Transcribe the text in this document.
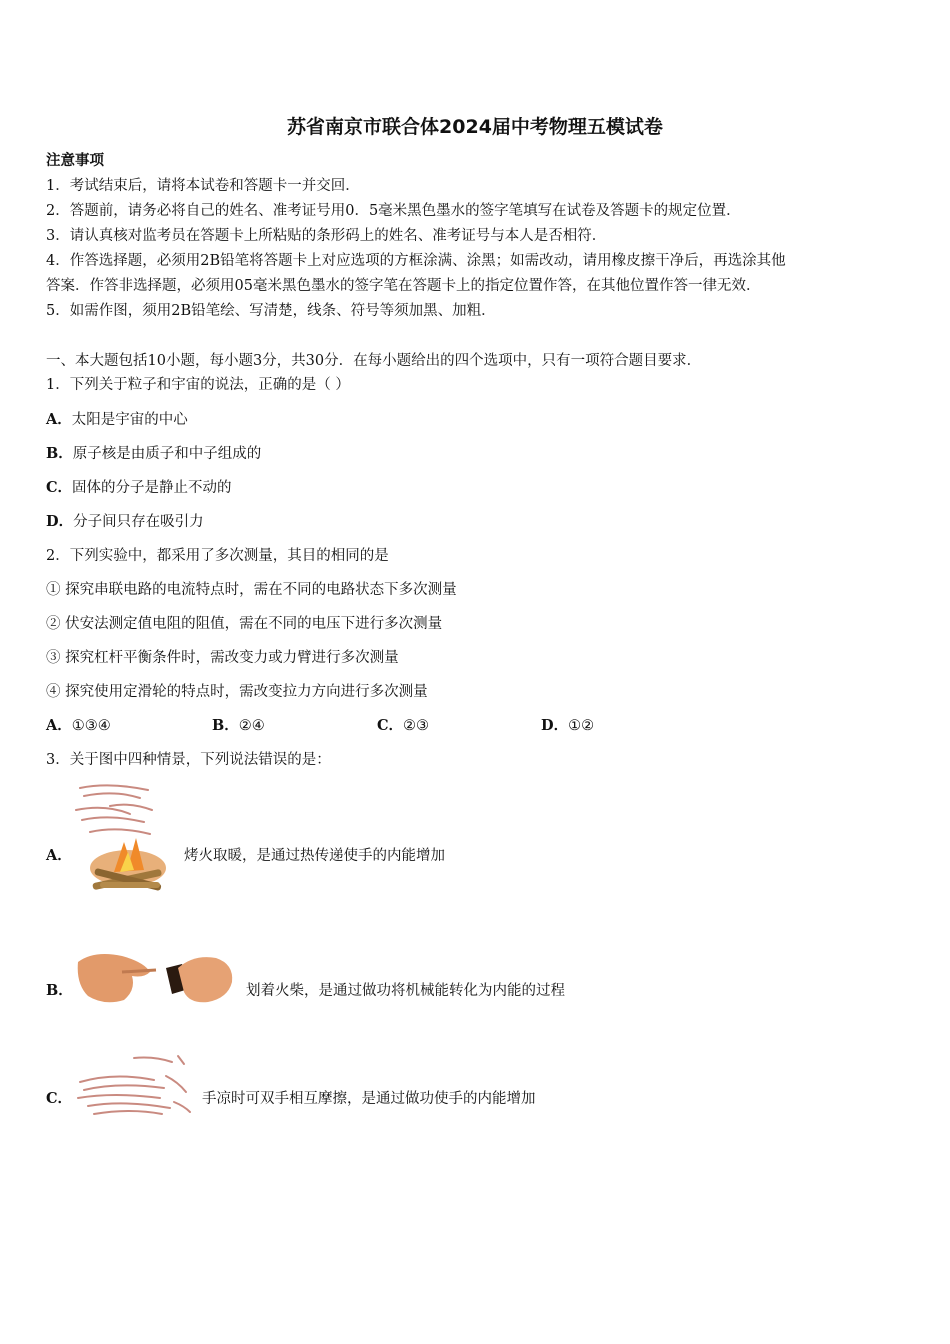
苏省南京市联合体2024届中考物理五模试卷
注意事项
1．考试结束后，请将本试卷和答题卡一并交回．
2．答题前，请务必将自己的姓名、准考证号用0．5毫米黑色墨水的签字笔填写在试卷及答题卡的规定位置．
3．请认真核对监考员在答题卡上所粘贴的条形码上的姓名、准考证号与本人是否相符．
4．作答选择题，必须用2B铅笔将答题卡上对应选项的方框涂满、涂黑；如需改动，请用橡皮擦干净后，再选涂其他
答案．作答非选择题，必须用05毫米黑色墨水的签字笔在答题卡上的指定位置作答，在其他位置作答一律无效．
5．如需作图，须用2B铅笔绘、写清楚，线条、符号等须加黑、加粗．
一、本大题包括10小题，每小题3分，共30分．在每小题给出的四个选项中，只有一项符合题目要求．
1．下列关于粒子和宇宙的说法，正确的是（ ）
A．太阳是宇宙的中心
B．原子核是由质子和中子组成的
C．固体的分子是静止不动的
D．分子间只存在吸引力
2．下列实验中，都采用了多次测量，其目的相同的是
① 探究串联电路的电流特点时，需在不同的电路状态下多次测量
② 伏安法测定值电阻的阻值，需在不同的电压下进行多次测量
③ 探究杠杆平衡条件时，需改变力或力臂进行多次测量
④ 探究使用定滑轮的特点时，需改变拉力方向进行多次测量
A．①③④	B．②④	C．②③	D．①②
3．关于图中四种情景，下列说法错误的是：
A．	烤火取暖，是通过热传递使手的内能增加
B．	划着火柴，是通过做功将机械能转化为内能的过程
C．	手凉时可双手相互摩擦，是通过做功使手的内能增加
